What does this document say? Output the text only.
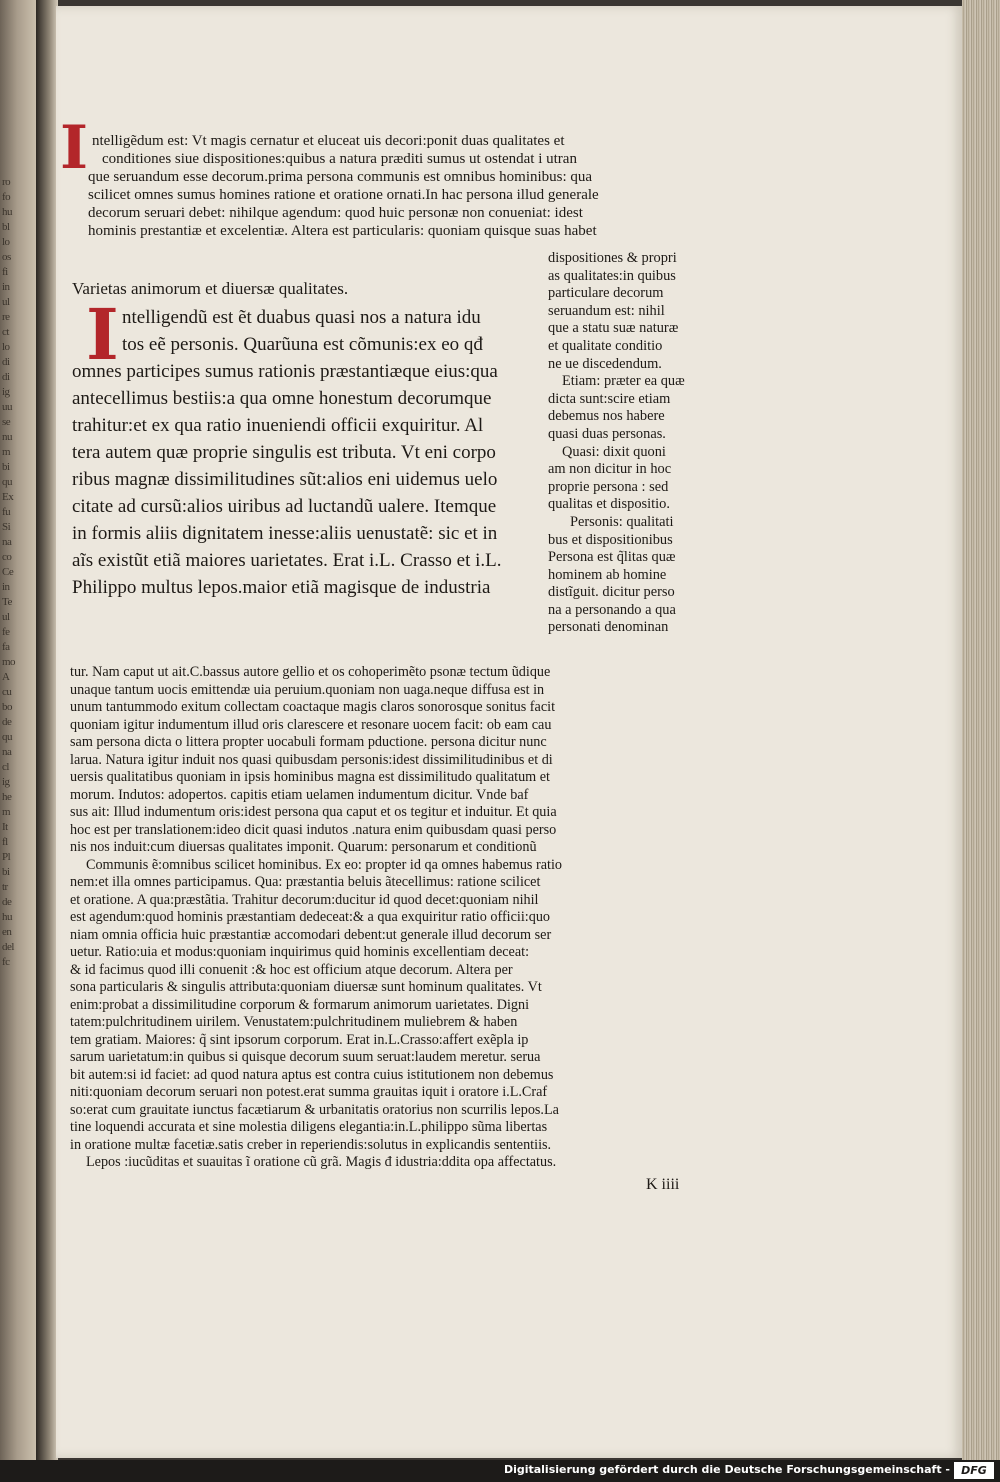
ro
fo
hu
bl
lo
os
fi
in
ul
re
ct
lo
di
di
ig
uu
se
nu
m
bi
qu
Ex
fu
Si
na
co
Ce
in
Te
ul
fe
fa
mo
A
cu
bo
de
qu
na
cl
ig
he
m
It
fl
Pl
bi
tr
de
hu
en
del
fc
I ntelligẽdum est: Vt magis cernatur et eluceat uis decori:ponit duas qualitates et
conditiones siue dispositiones:quibus a natura præditi sumus ut ostendat i utran
que seruandum esse decorum.prima persona communis est omnibus hominibus: qua
scilicet omnes sumus homines ratione et oratione ornati.In hac persona illud generale
decorum seruari debet: nihilque agendum: quod huic personæ non conueniat: idest
hominis prestantiæ et excelentiæ. Altera est particularis: quoniam quisque suas habet
I
Varietas animorum et diuersæ qualitates.
ntelligendũ est ẽt duabus quasi nos a natura idu
tos eẽ personis. Quarũuna est cõmunis:ex eo qđ
omnes participes sumus rationis præstantiæque eius:qua
antecellimus bestiis:a qua omne honestum decorumque
trahitur:et ex qua ratio inueniendi officii exquiritur. Al
tera autem quæ proprie singulis est tributa. Vt eni corpo
ribus magnæ dissimilitudines sũt:alios eni uidemus uelo
citate ad cursũ:alios uiribus ad luctandũ ualere. Itemque
in formis aliis dignitatem inesse:aliis uenustatẽ: sic et in
aĩs existũt etiã maiores uarietates. Erat i.L. Crasso et i.L.
Philippo multus lepos.maior etiã magisque de industria
dispositiones & propri
as qualitates:in quibus
particulare decorum
seruandum est: nihil
que a statu suæ naturæ
et qualitate conditio
ne ue discedendum.
Etiam: præter ea quæ
dicta sunt:scire etiam
debemus nos habere
quasi duas personas.
Quasi: dixit quoni
am non dicitur in hoc
proprie persona : sed
qualitas et dispositio.
Personis: qualitati
bus et dispositionibus
Persona est q̃litas quæ
hominem ab homine
distĩguit. dicitur perso
na a personando a qua
personati denominan
tur. Nam caput ut ait.C.bassus autore gellio et os cohoperimẽto psonæ tectum ũdique
unaque tantum uocis emittendæ uia peruium.quoniam non uaga.neque diffusa est in
unum tantummodo exitum collectam coactaque magis claros sonorosque sonitus facit
quoniam igitur indumentum illud oris clarescere et resonare uocem facit: ob eam cau
sam persona dicta o littera propter uocabuli formam pductione. persona dicitur nunc
larua. Natura igitur induit nos quasi quibusdam personis:idest dissimilitudinibus et di
uersis qualitatibus quoniam in ipsis hominibus magna est dissimilitudo qualitatum et
morum. Indutos: adopertos. capitis etiam uelamen indumentum dicitur. Vnde baf
sus ait: Illud indumentum oris:idest persona qua caput et os tegitur et induitur. Et quia
hoc est per translationem:ideo dicit quasi indutos .natura enim quibusdam quasi perso
nis nos induit:cum diuersas qualitates imponit. Quarum: personarum et conditionũ
Communis ẽ:omnibus scilicet hominibus. Ex eo: propter id qa omnes habemus ratio
nem:et illa omnes participamus. Qua: præstantia beluis ãtecellimus: ratione scilicet
et oratione. A qua:præstãtia. Trahitur decorum:ducitur id quod decet:quoniam nihil
est agendum:quod hominis præstantiam dedeceat:& a qua exquiritur ratio officii:quo
niam omnia officia huic præstantiæ accomodari debent:ut generale illud decorum ser
uetur. Ratio:uia et modus:quoniam inquirimus quid hominis excellentiam deceat:
& id facimus quod illi conuenit :& hoc est officium atque decorum. Altera per
sona particularis & singulis attributa:quoniam diuersæ sunt hominum qualitates. Vt
enim:probat a dissimilitudine corporum & formarum animorum uarietates. Digni
tatem:pulchritudinem uirilem. Venustatem:pulchritudinem muliebrem & haben
tem gratiam. Maiores: q̃ sint ipsorum corporum. Erat in.L.Crasso:affert exẽpla ip
sarum uarietatum:in quibus si quisque decorum suum seruat:laudem meretur. serua
bit autem:si id faciet: ad quod natura aptus est contra cuius istitutionem non debemus
niti:quoniam decorum seruari non potest.erat summa grauitas iquit i oratore i.L.Craf
so:erat cum grauitate iunctus facætiarum & urbanitatis oratorius non scurrilis lepos.La
tine loquendi accurata et sine molestia diligens elegantia:in.L.philippo sũma libertas
in oratione multæ facetiæ.satis creber in reperiendis:solutus in explicandis sententiis.
Lepos :iucũditas et suauitas ĩ oratione cũ grã. Magis đ idustria:ddita opa affectatus.
K iiii
Digitalisierung gefördert durch die Deutsche Forschungsgemeinschaft -	DFG
